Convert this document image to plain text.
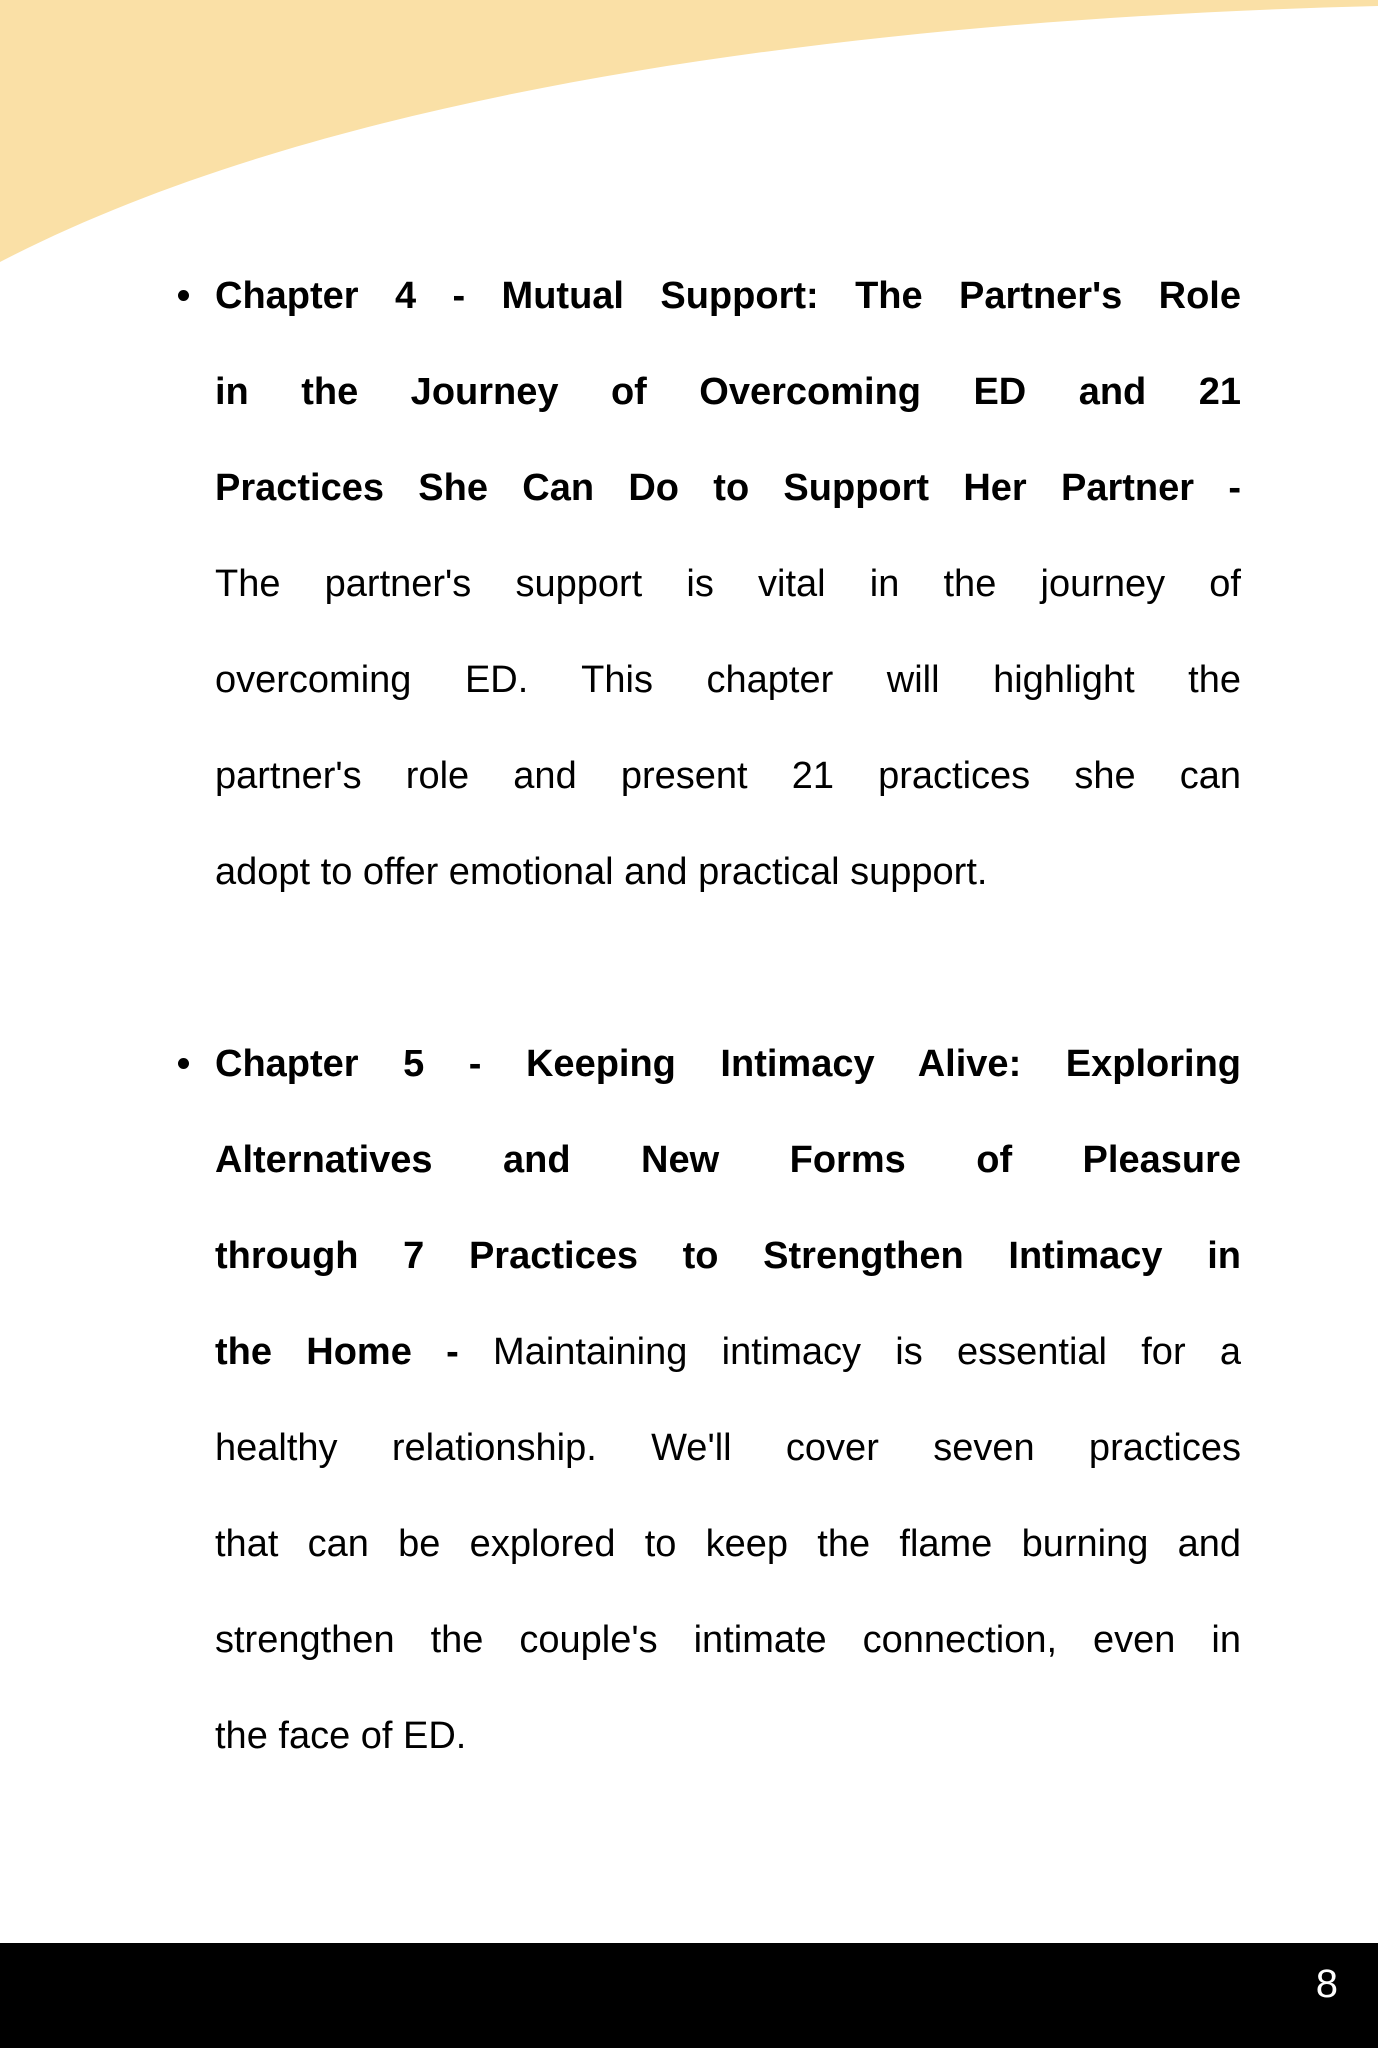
Chapter 4 - Mutual Support: The Partner's Role
in the Journey of Overcoming ED and 21
Practices She Can Do to Support Her Partner -
The partner's support is vital in the journey of
overcoming ED. This chapter will highlight the
partner's role and present 21 practices she can
adopt to offer emotional and practical support.
Chapter 5 - Keeping Intimacy Alive: Exploring
Alternatives and New Forms of Pleasure
through 7 Practices to Strengthen Intimacy in
the Home - Maintaining intimacy is essential for a
healthy relationship. We'll cover seven practices
that can be explored to keep the flame burning and
strengthen the couple's intimate connection, even in
the face of ED.
8
